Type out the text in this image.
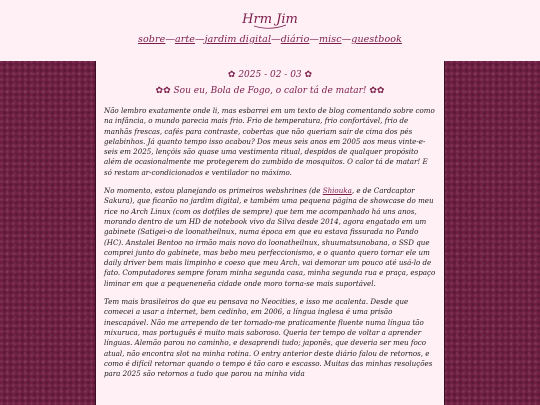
Hrm Jim
sobre—arte—jardim digital—diário—misc—guestbook
✿ 2025 - 02 - 03 ✿
✿✿ Sou eu, Bola de Fogo, o calor tá de matar! ✿✿

Não lembro exatamente onde li, mas esbarrei em um texto de blog comentando sobre como na infância, o mundo parecia mais frio. Frio de temperatura, frio confortável, frio de manhãs frescas, cafés para contraste, cobertas que não queriam sair de cima dos pés gelabinhos. Já quanto tempo isso acabou? Dos meus seis anos em 2005 aos meus vinte-e-seis em 2025, lençóis são quase uma vestimenta ritual, despidos de qualquer propósito além de ocasionalmente me protegerem do zumbido de mosquitos. O calor tá de matar! E só restam ar-condicionados e ventilador no máximo.

No momento, estou planejando os primeiros webshrines (de Shiouka, e de Cardcaptor Sakura), que ficarão no jardim digital, e também uma pequena página de showcase do meu rice no Arch Linux (com os dotfiles de sempre) que tem me acompanhado há uns anos, morando dentro de um HD de notebook vivo da Silva desde 2014, agora engatado em um gabinete (Satigei-o de loonatheilnux, numa época em que eu estava fissurada no Pando (HC). Anstalei Bentoo no irmão mais novo do loonatheilnux, shuumatsunobana, o SSD que comprei junto do gabinete, mas bebo meu perfeccionismo, e o quanto quero tornar ele um daily driver bem mais limpinho e coeso que meu Arch, vai demorar um pouco até usá-lo de fato. Computadores sempre foram minha segunda casa, minha segunda rua e praça, espaço liminar em que a pequeneneña cidade onde moro torna-se mais suportável.

Tem mais brasileiros do que eu pensava no Neocities, e isso me acalenta. Desde que comecei a usar a internet, bem cedinho, em 2006, a língua inglesa é uma prisão inescapável. Não me arrependo de ter tornado-me praticamente fluente numa língua tão mixuruca, mas português é muito mais saboroso. Queria ter tempo de voltar a aprender línguas. Alemão parou no caminho, e desaprendi tudo; japonês, que deveria ser meu foco atual, não encontra slot na minha rotina. O entry anterior deste diário falou de retornos, e como é difícil retornar quando o tempo é tão caro e escasso. Muitas das minhas resoluções para 2025 são retornos a tudo que parou na minha vida
